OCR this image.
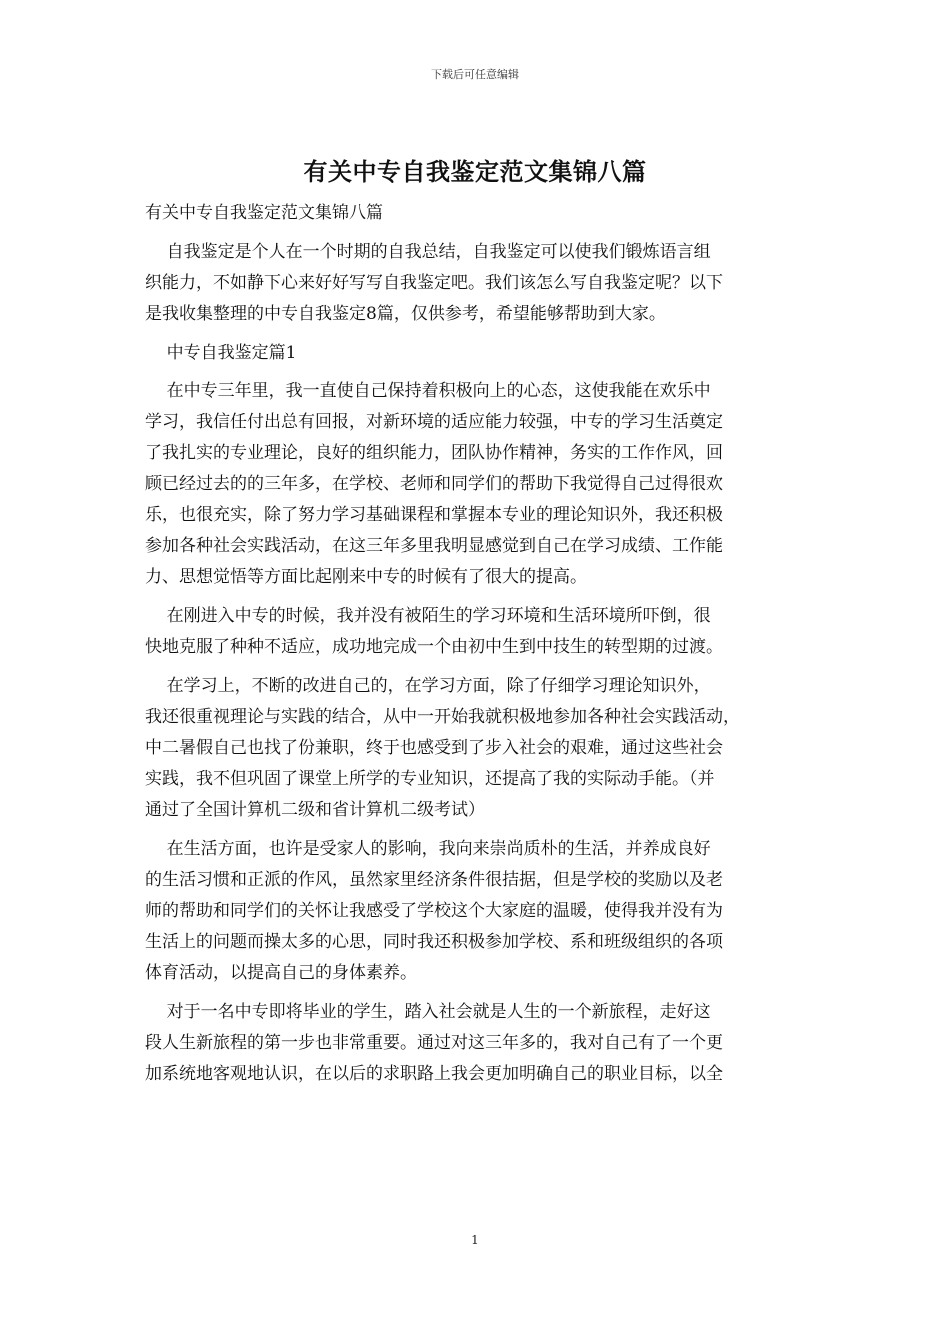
下载后可任意编辑
有关中专自我鉴定范文集锦八篇
有关中专自我鉴定范文集锦八篇
自我鉴定是个人在一个时期的自我总结，自我鉴定可以使我们锻炼语言组
织能力，不如静下心来好好写写自我鉴定吧。我们该怎么写自我鉴定呢？以下
是我收集整理的中专自我鉴定8篇，仅供参考，希望能够帮助到大家。
中专自我鉴定篇1
在中专三年里，我一直使自己保持着积极向上的心态，这使我能在欢乐中
学习，我信任付出总有回报，对新环境的适应能力较强，中专的学习生活奠定
了我扎实的专业理论，良好的组织能力，团队协作精神，务实的工作作风，回
顾已经过去的的三年多，在学校、老师和同学们的帮助下我觉得自己过得很欢
乐，也很充实，除了努力学习基础课程和掌握本专业的理论知识外，我还积极
参加各种社会实践活动，在这三年多里我明显感觉到自己在学习成绩、工作能
力、思想觉悟等方面比起刚来中专的时候有了很大的提高。
在刚进入中专的时候，我并没有被陌生的学习环境和生活环境所吓倒，很
快地克服了种种不适应，成功地完成一个由初中生到中技生的转型期的过渡。
在学习上，不断的改进自己的，在学习方面，除了仔细学习理论知识外，
我还很重视理论与实践的结合，从中一开始我就积极地参加各种社会实践活动，
中二暑假自己也找了份兼职，终于也感受到了步入社会的艰难，通过这些社会
实践，我不但巩固了课堂上所学的专业知识，还提高了我的实际动手能。（并
通过了全国计算机二级和省计算机二级考试）
在生活方面，也许是受家人的影响，我向来崇尚质朴的生活，并养成良好
的生活习惯和正派的作风，虽然家里经济条件很拮据，但是学校的奖励以及老
师的帮助和同学们的关怀让我感受了学校这个大家庭的温暖，使得我并没有为
生活上的问题而操太多的心思，同时我还积极参加学校、系和班级组织的各项
体育活动，以提高自己的身体素养。
对于一名中专即将毕业的学生，踏入社会就是人生的一个新旅程，走好这
段人生新旅程的第一步也非常重要。通过对这三年多的，我对自己有了一个更
加系统地客观地认识，在以后的求职路上我会更加明确自己的职业目标，以全
1
